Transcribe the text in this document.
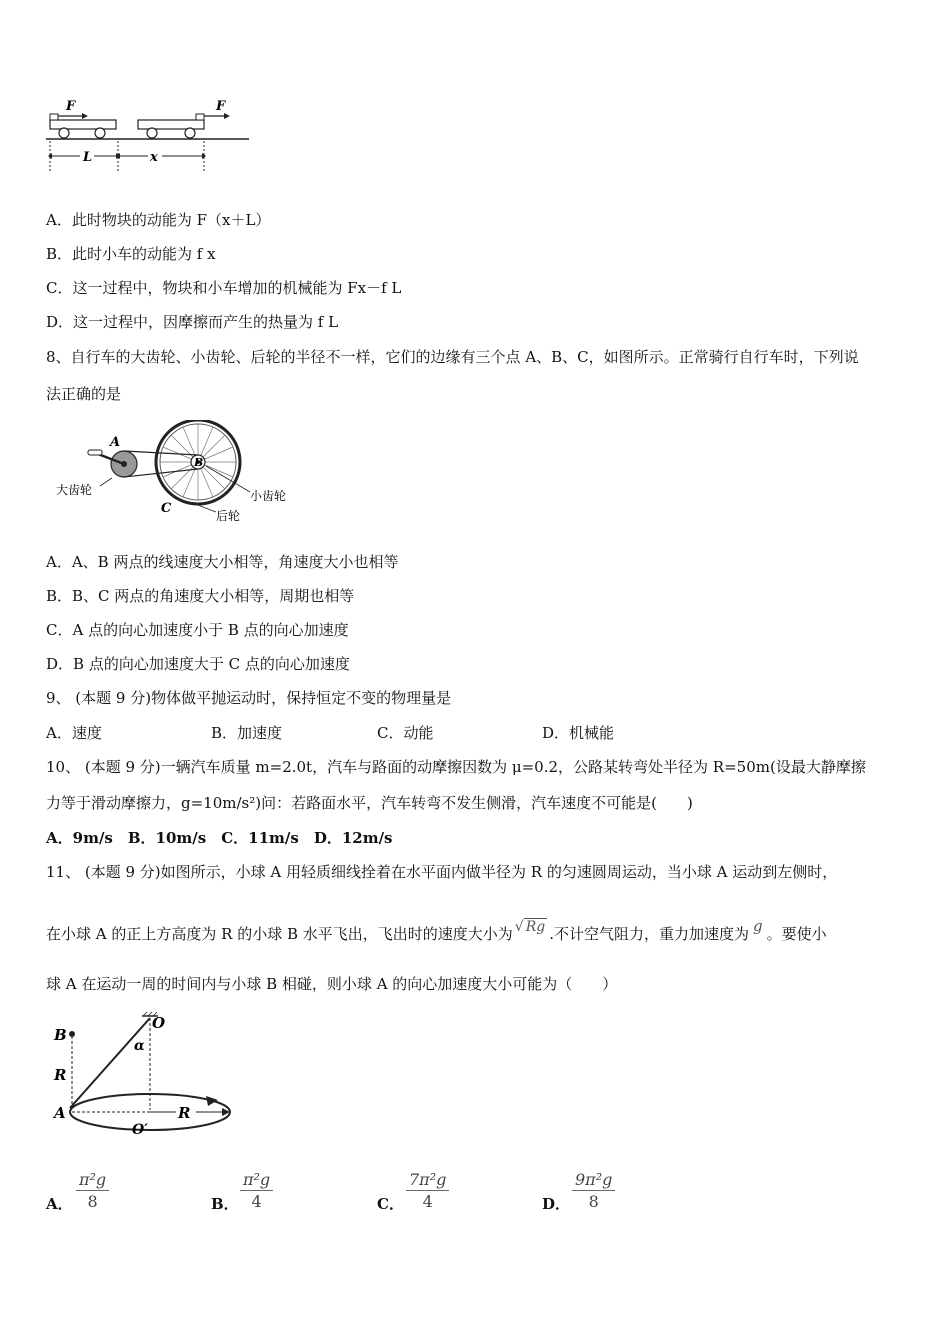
F	F
L	x
A．此时物块的动能为 F（x＋L）
B．此时小车的动能为 f x
C．这一过程中，物块和小车增加的机械能为 Fx－f L
D．这一过程中，因摩擦而产生的热量为 f L
8、自行车的大齿轮、小齿轮、后轮的半径不一样，它们的边缘有三个点 A、B、C，如图所示。正常骑行自行车时，下列说
法正确的是
A
B
C
大齿轮	小齿轮
后轮
A．A、B 两点的线速度大小相等，角速度大小也相等
B．B、C 两点的角速度大小相等，周期也相等
C．A 点的向心加速度小于 B 点的向心加速度
D．B 点的向心加速度大于 C 点的向心加速度
9、 (本题 9 分)物体做平抛运动时，保持恒定不变的物理量是
A．速度	B．加速度	C．动能	D．机械能
10、 (本题 9 分)一辆汽车质量 m=2.0t，汽车与路面的动摩擦因数为 μ=0.2，公路某转弯处半径为 R=50m(设最大静摩擦
力等于滑动摩擦力，g=10m/s²)问：若路面水平，汽车转弯不发生侧滑，汽车速度不可能是(　　)
A．9m/s　B．10m/s　C．11m/s　D．12m/s
11、 (本题 9 分)如图所示，小球 A 用轻质细线拴着在水平面内做半径为 R 的匀速圆周运动，当小球 A 运动到左侧时，
在小球 A 的正上方高度为 R 的小球 B 水平飞出，飞出时的速度大小为 √ Rg .不计空气阻力，重力加速度为 g 。要使小
球 A 在运动一周的时间内与小球 B 相碰，则小球 A 的向心加速度大小可能为（　　）
B
O
α
R
A
O′
R
A． $\frac{\text{π²g}}{8}$	B． $\frac{\text{π²g}}{4}$	C． $\frac{\text{7π²g}}{4}$	D． $\frac{\text{9π²g}}{8}$
